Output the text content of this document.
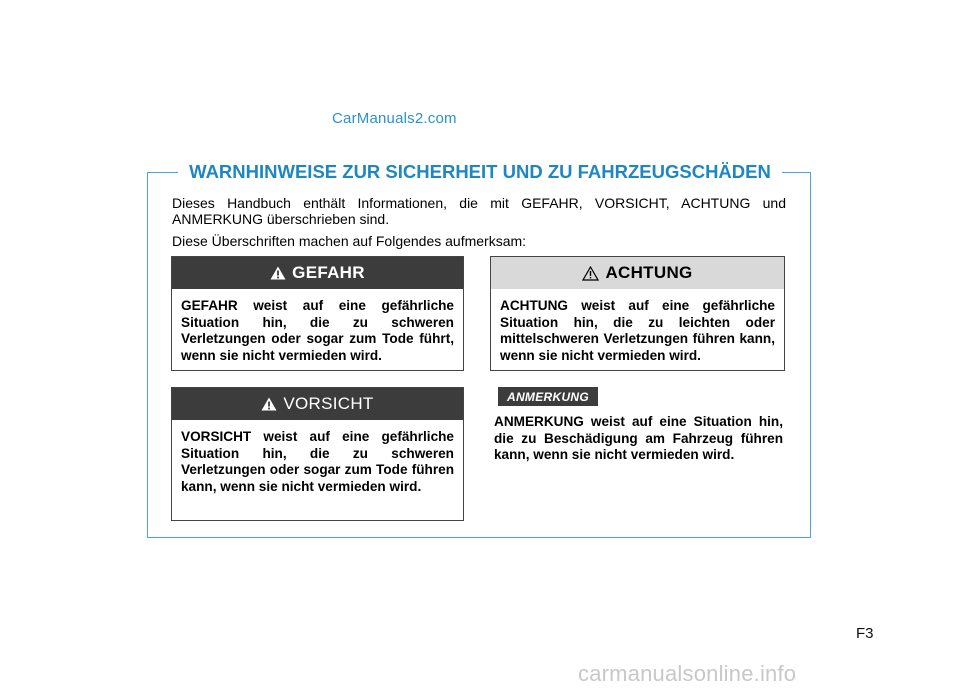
CarManuals2.com
WARNHINWEISE ZUR SICHERHEIT UND ZU FAHRZEUGSCHÄDEN

Dieses Handbuch enthält Informationen, die mit GEFAHR, VORSICHT, ACHTUNG und ANMERKUNG überschrieben sind.

Diese Überschriften machen auf Folgendes aufmerksam:

GEFAHR
GEFAHR weist auf eine gefährliche Situation hin, die zu schweren Verletzungen oder sogar zum Tode führt, wenn sie nicht vermieden wird.
VORSICHT
VORSICHT weist auf eine gefährliche Situation hin, die zu schweren Verletzungen oder sogar zum Tode führen kann, wenn sie nicht vermieden wird.
ACHTUNG
ACHTUNG weist auf eine gefährliche Situation hin, die zu leichten oder mittelschweren Verletzungen führen kann, wenn sie nicht vermieden wird.
ANMERKUNG
ANMERKUNG weist auf eine Situation hin, die zu Beschädigung am Fahrzeug führen kann, wenn sie nicht vermieden wird.
F3
carmanualsonline.info
